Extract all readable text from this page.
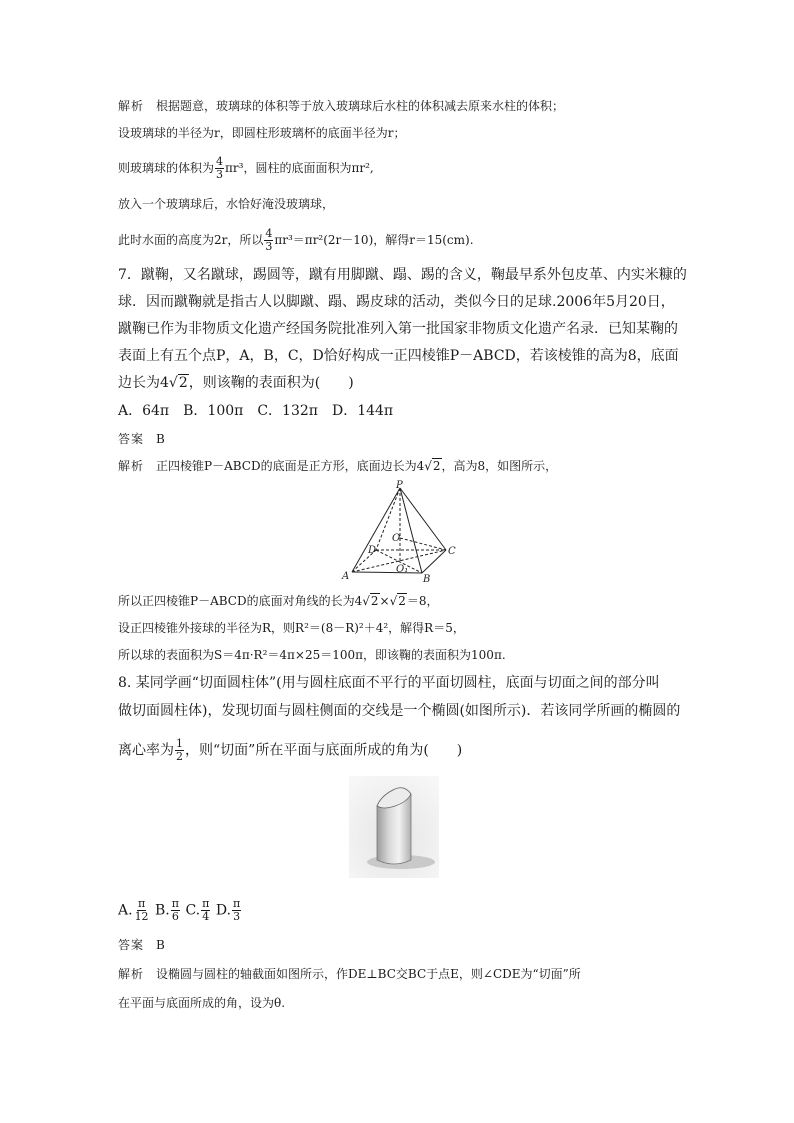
解析 根据题意，玻璃球的体积等于放入玻璃球后水柱的体积减去原来水柱的体积；
设玻璃球的半径为r，即圆柱形玻璃杯的底面半径为r；
则玻璃球的体积为 $\frac{4}{3} \pi r^3$，圆柱的底面面积为πr²,
放入一个玻璃球后，水恰好淹没玻璃球，
此时水面的高度为2r，所以 $\frac{4}{3} \pi r^3=\pi r^2(2r-10)$，解得r＝15(cm).
7．蹴鞠，又名蹴球，踢圆等，蹴有用脚蹴、蹋、踢的含义，鞠最早系外包皮革、内实米糠的
球．因而蹴鞠就是指古人以脚蹴、蹋、踢皮球的活动，类似今日的足球.2006年5月20日，
蹴鞠已作为非物质文化遗产经国务院批准列入第一批国家非物质文化遗产名录．已知某鞠的
表面上有五个点P，A，B，C，D恰好构成一正四棱锥P－ABCD，若该棱锥的高为8，底面
边长为4√2，则该鞠的表面积为(　　)
A．64π　B．100π　C．132π　D．144π
答案 B
解析 正四棱锥P－ABCD的底面是正方形，底面边长为4√2，高为8，如图所示，
P
A	B
C
D
O
O₁
所以正四棱锥P－ABCD的底面对角线的长为4√2×√2＝8，
设正四棱锥外接球的半径为R，则R²＝(8－R)²＋4²，解得R＝5，
所以球的表面积为S＝4π·R²＝4π×25＝100π，即该鞠的表面积为100π.
8. 某同学画“切面圆柱体”(用与圆柱底面不平行的平面切圆柱，底面与切面之间的部分叫
做切面圆柱体)，发现切面与圆柱侧面的交线是一个椭圆(如图所示)．若该同学所画的椭圆的
离心率为 $\frac{1}{2}$ ，则“切面”所在平面与底面所成的角为(　　)
A. $\frac{\pi}{12} B$. $\frac{\pi}{6} C$. $\frac{\pi}{4} D$. $\frac{\pi}{3}$
答案 B
解析 设椭圆与圆柱的轴截面如图所示，作DE⊥BC交BC于点E，则∠CDE为“切面”所
在平面与底面所成的角，设为θ.
